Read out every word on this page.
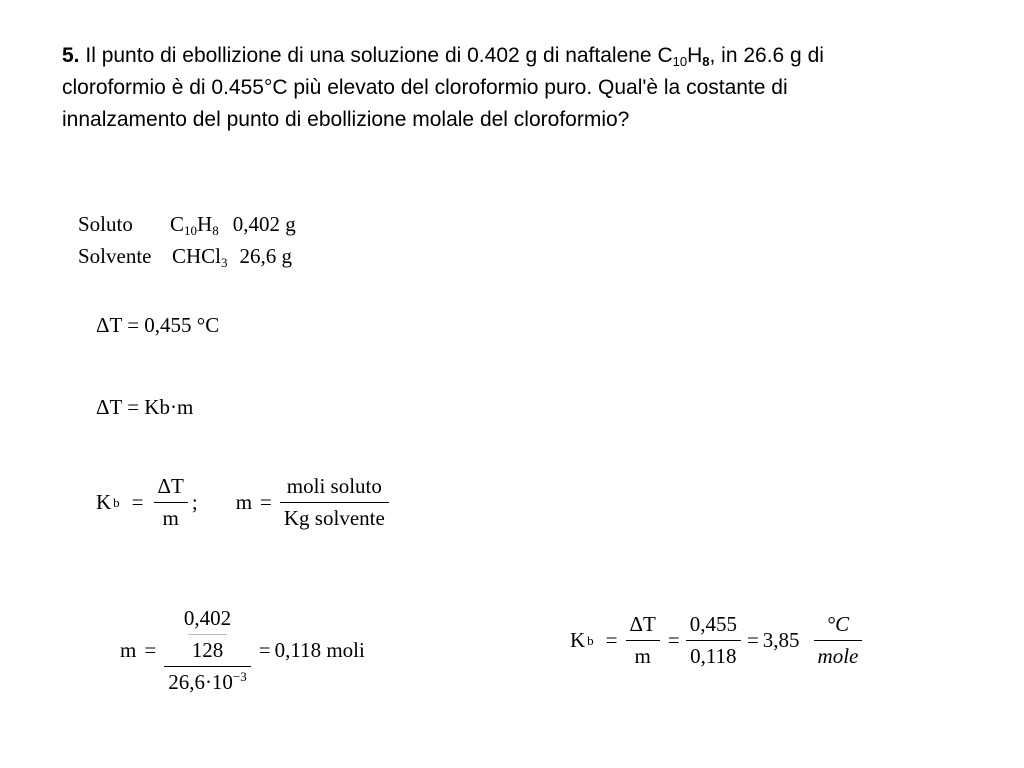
5. Il punto di ebollizione di una soluzione di 0.402 g di naftalene $C_{10}H_8$, in 26.6 g di cloroformio è di 0.455°C più elevato del cloroformio puro. Qual'è la costante di innalzamento del punto di ebollizione molale del cloroformio?
Soluto $C_{10}H_8$ 0,402 g
Solvente CHCl$_3$ 26,6 g
ΔT = 0,455 °C
ΔT = Kb·m
K $b = \frac{\Delta T}{m}$ ; $m = \frac{\text{moli soluto}}{\text{Kg solvente}}$
m = 0,402
128
$26,6\cdot 10^{-3} = 0,118$ moli	K $b = \frac{\Delta T}{m} = \frac{0,455}{0,118} = 3,85 \frac{^\circ C}{\text{mole}}$
